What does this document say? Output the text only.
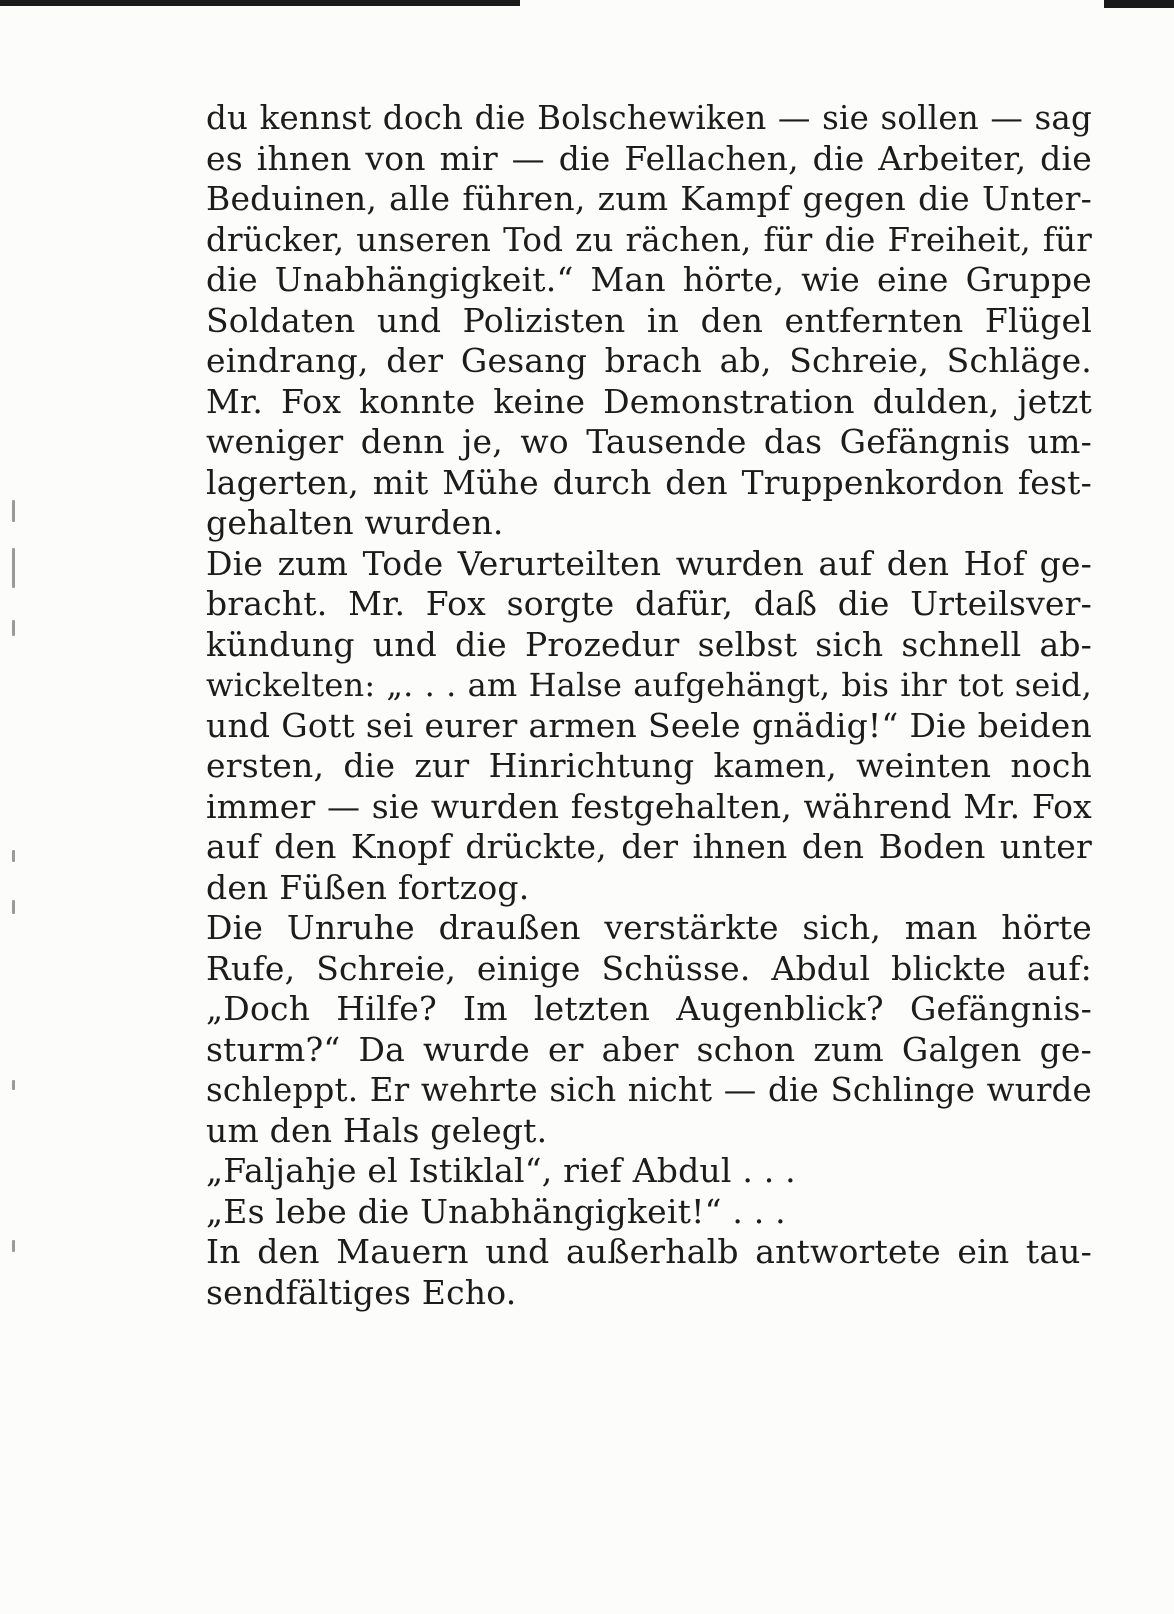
du kennst doch die Bolschewiken — sie sollen — sag
es ihnen von mir — die Fellachen, die Arbeiter, die
Beduinen, alle führen, zum Kampf gegen die Unter-
drücker, unseren Tod zu rächen, für die Freiheit, für
die Unabhängigkeit.“ Man hörte, wie eine Gruppe
Soldaten und Polizisten in den entfernten Flügel
eindrang, der Gesang brach ab, Schreie, Schläge.
Mr. Fox konnte keine Demonstration dulden, jetzt
weniger denn je, wo Tausende das Gefängnis um-
lagerten, mit Mühe durch den Truppenkordon fest-
gehalten wurden.
Die zum Tode Verurteilten wurden auf den Hof ge-
bracht. Mr. Fox sorgte dafür, daß die Urteilsver-
kündung und die Prozedur selbst sich schnell ab-
wickelten: „. . . am Halse aufgehängt, bis ihr tot seid,
und Gott sei eurer armen Seele gnädig!“ Die beiden
ersten, die zur Hinrichtung kamen, weinten noch
immer — sie wurden festgehalten, während Mr. Fox
auf den Knopf drückte, der ihnen den Boden unter
den Füßen fortzog.
Die Unruhe draußen verstärkte sich, man hörte
Rufe, Schreie, einige Schüsse. Abdul blickte auf:
„Doch Hilfe? Im letzten Augenblick? Gefängnis-
sturm?“ Da wurde er aber schon zum Galgen ge-
schleppt. Er wehrte sich nicht — die Schlinge wurde
um den Hals gelegt.
„Faljahje el Istiklal“, rief Abdul . . .
„Es lebe die Unabhängigkeit!“ . . .
In den Mauern und außerhalb antwortete ein tau-
sendfältiges Echo.
